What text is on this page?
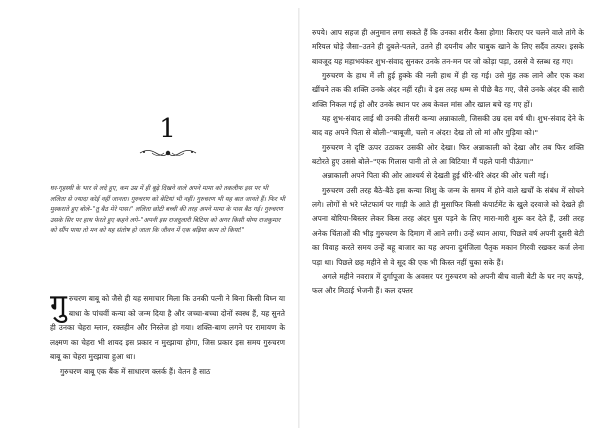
1

घर-गृहस्थी के भार से लदे हुए, कम उम्र में ही बूढ़े दिखने वाले अपने मामा को तकलीफ इस पर भी ललिता से ज्यादा कोई नहीं जानता। गुरुचरण को बेटियां भी नहीं। गुरुचरण भी यह बात जानते हैं। फिर भी मुस्कराते हुए बोले–"तू बैठ मेरे पास।" ललिता छोटी बच्ची की तरह अपने मामा के पास बैठ गई। गुरुचरण उसके सिर पर हाथ फेरते हुए कहने लगे–"अपनी इस राजदुलारी बिटिया को अगर किसी योग्य राजकुमार को सौंप पाया तो मन को यह संतोष हो जाता कि जीवन में एक बढ़िया काम तो किया!"

गु रुचरण बाबू को जैसे ही यह समाचार मिला कि उनकी पत्नी ने बिना किसी विघ्न या बाधा के पांचवीं कन्या को जन्म दिया है और जच्चा-बच्चा दोनों स्वस्थ हैं, यह सुनते ही उनका चेहरा म्लान, रक्तहीन और निस्तेज हो गया। शक्ति-बाण लगने पर रामायण के लक्ष्मण का चेहरा भी शायद इस प्रकार न मुरझाया होगा, जिस प्रकार इस समय गुरुचरण बाबू का चेहरा मुरझाया हुआ था।

गुरुचरण बाबू एक बैंक में साधारण क्लर्क हैं। वेतन है साठ

रुपये। आप सहज ही अनुमान लगा सकते हैं कि उनका शरीर कैसा होगा! किराए पर चलने वाले तांगे के मरियल घोड़े जैसा–उतने ही दुबले-पतले, उतने ही दयनीय और चाबुक खाने के लिए सर्दैव तत्पर। इसके बावजूद यह महाभयंकर शुभ-संवाद सुनकर उनके तन-मन पर जो कोड़ा पड़ा, उससे वे स्तब्ध रह गए।

गुरुचरण के हाथ में ली हुई हुक्के की नली हाथ में ही रह गई। उसे मुंह तक लाने और एक कश खींचने तक की शक्ति उनके अंदर नहीं रही। वे इस तरह धम्म से पीछे बैठ गए, जैसे उनके अंदर की सारी शक्ति निकल गई हो और उनके स्थान पर अब केवल मांस और खाल बचे रह गए हों।

यह शुभ-संवाद लाई थी उनकी तीसरी कन्या अन्नाकाली, जिसकी उम्र दस वर्ष थी। शुभ-संवाद देने के बाद वह अपने पिता से बोली–"बाबूजी, चलो न अंदर! देख तो लो मां और गुड़िया को।"

गुरुचरण ने दृष्टि ऊपर उठाकर उसकी ओर देखा। फिर अन्नाकाली को देखा और तब फिर शक्ति बटोरते हुए उससे बोले–"एक गिलास पानी तो ले आ बिटिया! मैं पहले पानी पीऊंगा।"

अन्नाकाली अपने पिता की ओर आश्चर्य से देखती हुई धीरे-धीरे अंदर की ओर चली गई।

गुरुचरण उसी तरह बैठे-बैठे इस कन्या शिशु के जन्म के समय में होने वाले खर्चों के संबंध में सोचने लगे। लोगों से भरे प्लेटफार्म पर गाड़ी के आते ही मुसाफिर किसी कंपार्टमेंट के खुले दरवाजे को देखते ही अपना बोरिया-बिस्तर लेकर किस तरह अंदर घुस पड़ने के लिए मारा-मारी शुरू कर देते हैं, उसी तरह अनेक चिंताओं की भीड़ गुरुचरण के दिमाग में आने लगी। उन्हें ध्यान आया, पिछले वर्ष अपनी दूसरी बेटी का विवाह करते समय उन्हें बहू बाजार का यह अपना दुमंजिला पैतृक मकान गिरवी रखकर कर्ज लेना पड़ा था। पिछले छह महीने से वे सूद की एक भी किस्त नहीं चुका सके हैं।

अगले महीने नवरात्र में दुर्गापूजा के अवसर पर गुरुचरण को अपनी बीच वाली बेटी के घर नए कपड़े, फल और मिठाई भेजनी हैं। कल दफ्तर
